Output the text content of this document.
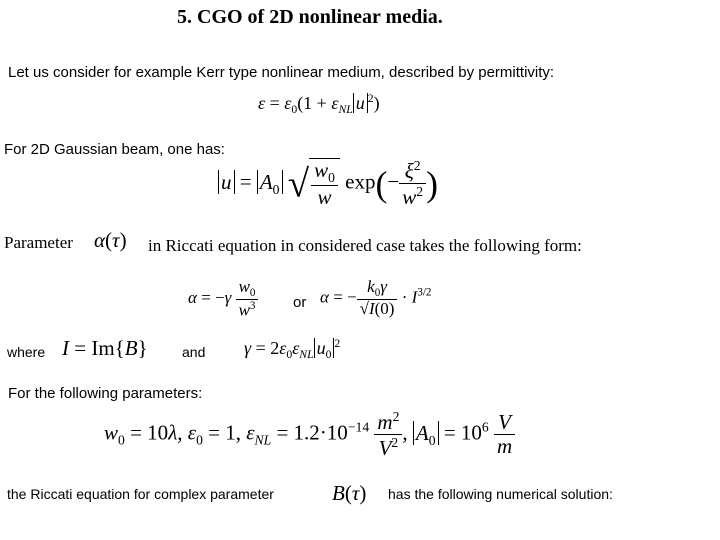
5. CGO of 2D nonlinear media.
Let us consider for example Kerr type nonlinear medium, described by permittivity:
$\varepsilon = \varepsilon_0(1 + \varepsilon_{NL}$ u $^2$)
For 2D Gaussian beam, one has:
$u = A_0$ √ $\frac{w_0}{w} \exp(- \frac{\xi^2}{w^2}$ )
Parameter α(τ) in Riccati equation in considered case takes the following form:
$\alpha = -\gamma \frac{w_0}{w^3}$ or α = − $\frac{k_0\gamma}{√I(0)} \cdot I^{3/2}$
where I = Im{B} and $\gamma = 2\varepsilon_0\varepsilon_{NL}$ $u_0^2$
For the following parameters:
$w_0 = 10\lambda$, $\varepsilon_0 = 1$, $\varepsilon_{NL} = 1.2\cdot 10^{-14} \frac{m^2}{V^2}$ , $A_0 = 10^6 \frac{V}{m}$
the Riccati equation for complex parameter	B(τ) has the following numerical solution:
